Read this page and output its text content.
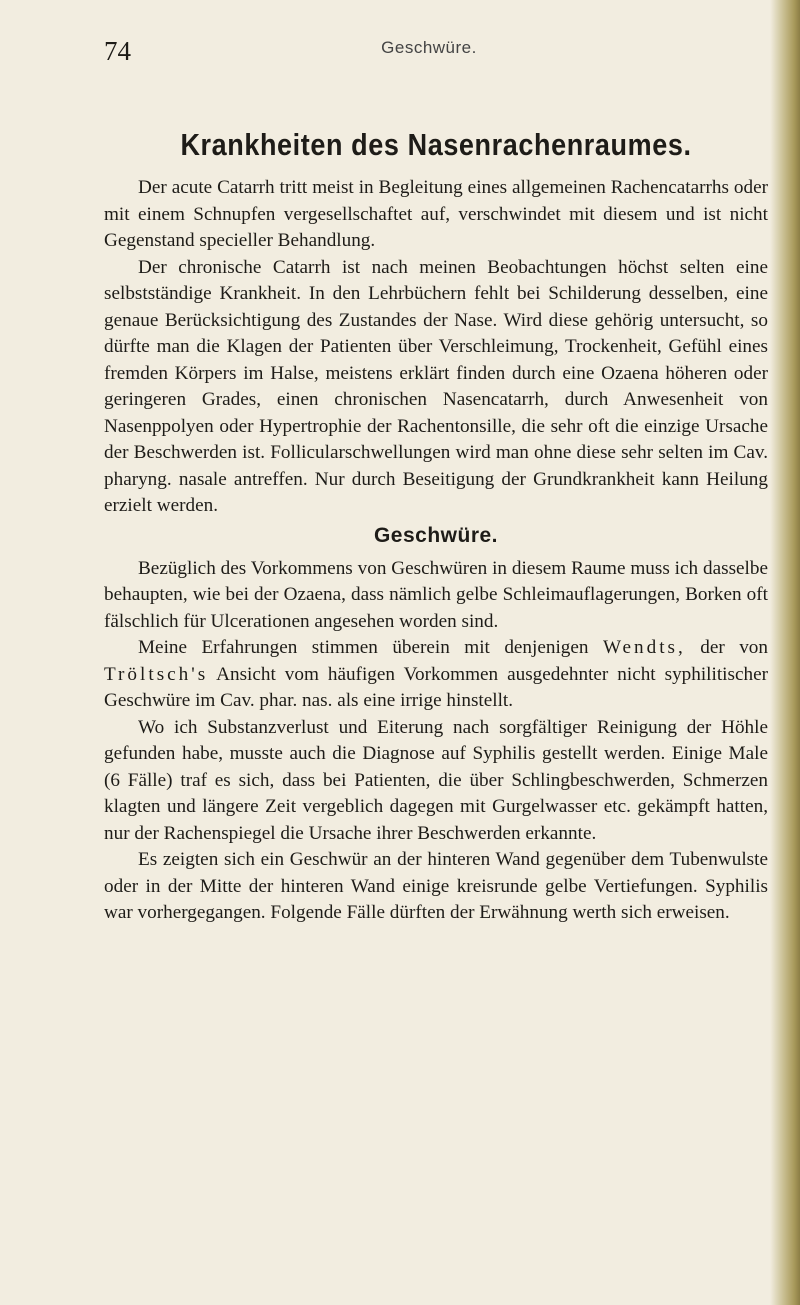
74	Geschwüre.
Krankheiten des Nasenrachenraumes.

Der acute Catarrh tritt meist in Begleitung eines allgemeinen Rachencatarrhs oder mit einem Schnupfen vergesellschaftet auf, verschwindet mit diesem und ist nicht Gegenstand specieller Behandlung.

Der chronische Catarrh ist nach meinen Beobachtungen höchst selten eine selbstständige Krankheit. In den Lehrbüchern fehlt bei Schilderung desselben, eine genaue Berücksichtigung des Zustandes der Nase. Wird diese gehörig untersucht, so dürfte man die Klagen der Patienten über Verschleimung, Trockenheit, Gefühl eines fremden Körpers im Halse, meistens erklärt finden durch eine Ozaena höheren oder geringeren Grades, einen chronischen Nasencatarrh, durch Anwesenheit von Nasenppolyen oder Hypertrophie der Rachentonsille, die sehr oft die einzige Ursache der Beschwerden ist. Follicularschwellungen wird man ohne diese sehr selten im Cav. pharyng. nasale antreffen. Nur durch Beseitigung der Grundkrankheit kann Heilung erzielt werden.

Geschwüre.

Bezüglich des Vorkommens von Geschwüren in diesem Raume muss ich dasselbe behaupten, wie bei der Ozaena, dass nämlich gelbe Schleimauflagerungen, Borken oft fälschlich für Ulcerationen angesehen worden sind.

Meine Erfahrungen stimmen überein mit denjenigen Wendts, der von Tröltsch's Ansicht vom häufigen Vorkommen ausgedehnter nicht syphilitischer Geschwüre im Cav. phar. nas. als eine irrige hinstellt.

Wo ich Substanzverlust und Eiterung nach sorgfältiger Reinigung der Höhle gefunden habe, musste auch die Diagnose auf Syphilis gestellt werden. Einige Male (6 Fälle) traf es sich, dass bei Patienten, die über Schlingbeschwerden, Schmerzen klagten und längere Zeit vergeblich dagegen mit Gurgelwasser etc. gekämpft hatten, nur der Rachenspiegel die Ursache ihrer Beschwerden erkannte.

Es zeigten sich ein Geschwür an der hinteren Wand gegenüber dem Tubenwulste oder in der Mitte der hinteren Wand einige kreisrunde gelbe Vertiefungen. Syphilis war vorhergegangen. Folgende Fälle dürften der Erwähnung werth sich erweisen.
